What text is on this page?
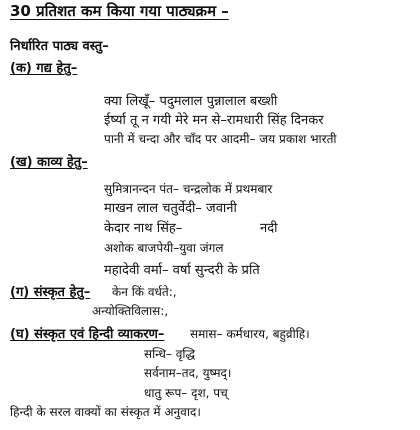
30 प्रतिशत कम किया गया पाठ्यक्रम –
निर्धारित पाठ्य वस्तु–
(क) गद्य हेतु–
क्या लिखूँ– पदुमलाल पुन्नालाल बख्शी
ईर्ष्या तू न गयी मेरे मन से–रामधारी सिंह दिनकर
पानी में चन्दा और चाँद पर आदमी– जय प्रकाश भारती
(ख) काव्य हेतु–
सुमित्रानन्दन पंत– चन्द्रलोक में प्रथमबार
माखन लाल चतुर्वेदी– जवानी
केदार नाथ सिंह–	नदी
अशोक बाजपेयी–युवा जंगल
महादेवी वर्मा– वर्षा सुन्दरी के प्रति
(ग) संस्कृत हेतु– केन किं वर्धते:,
अन्योक्तिविलास:,
(घ) संस्कृत एवं हिन्दी व्याकरण– समास– कर्मधारय, बहुव्रीहि।
सन्धि– वृद्धि
सर्वनाम–तद, युष्मद्।
धातु रूप– दृश, पच्
हिन्दी के सरल वाक्यों का संस्कृत में अनुवाद।
